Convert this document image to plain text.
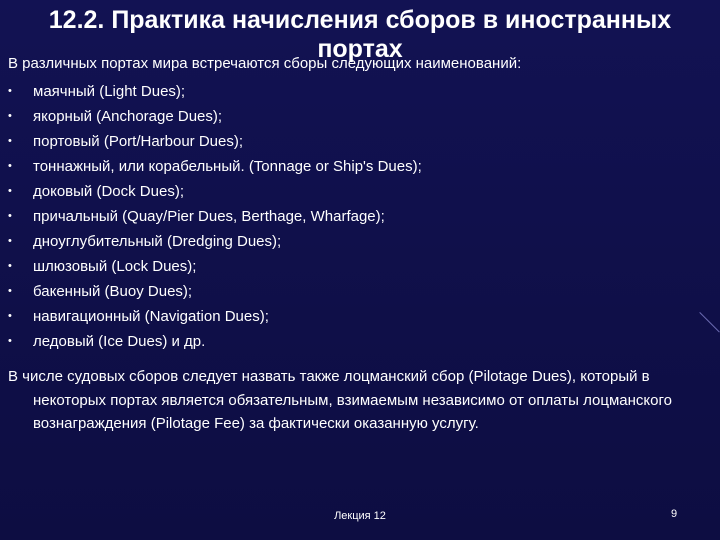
12.2. Практика начисления сборов в иностранных
портах

В различных портах мира встречаются сборы следующих наименований:

•	маячный (Light Dues);
•	якорный (Anchorage Dues);
•	портовый (Port/Harbour Dues);
•	тоннажный, или корабельный. (Tonnage or Ship's Dues);
•	доковый (Dock Dues);
•	причальный (Quay/Pier Dues, Berthage, Wharfage);
•	дноуглубительный (Dredging Dues);
•	шлюзовый (Lock Dues);
•	бакенный (Buoy Dues);
•	навигационный (Navigation Dues);
•	ледовый (Ice Dues) и др.

В числе судовых сборов следует назвать также лоцманский сбор (Pilotage Dues), который в некоторых портах является обязательным, взимаемым независимо от оплаты лоцманского вознаграждения (Pilotage Fee) за фактически оказанную услугу.

Лекция 12	9
